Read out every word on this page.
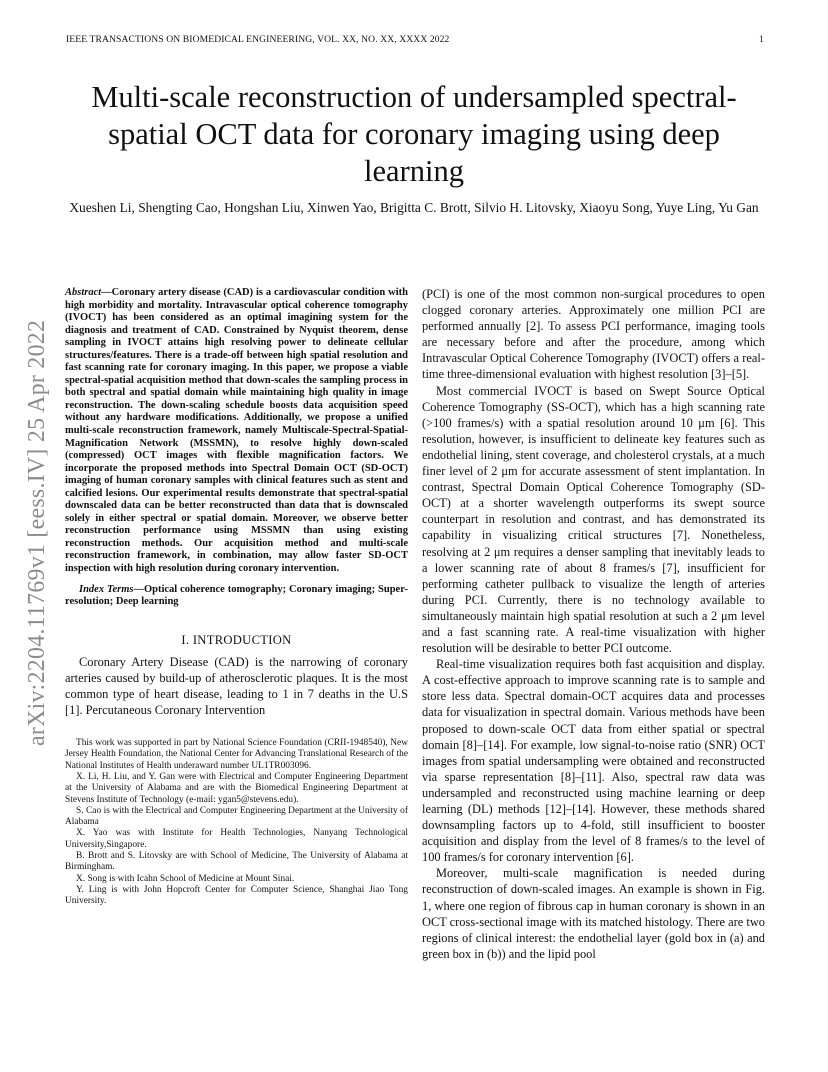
IEEE TRANSACTIONS ON BIOMEDICAL ENGINEERING, VOL. XX, NO. XX, XXXX 2022	1
Multi-scale reconstruction of undersampled spectral-spatial OCT data for coronary imaging using deep learning
Xueshen Li, Shengting Cao, Hongshan Liu, Xinwen Yao, Brigitta C. Brott, Silvio H. Litovsky, Xiaoyu Song, Yuye Ling, Yu Gan
arXiv:2204.11769v1 [eess.IV] 25 Apr 2022

Abstract—Coronary artery disease (CAD) is a cardiovascular condition with high morbidity and mortality. Intravascular optical coherence tomography (IVOCT) has been considered as an optimal imagining system for the diagnosis and treatment of CAD. Constrained by Nyquist theorem, dense sampling in IVOCT attains high resolving power to delineate cellular structures/features. There is a trade-off between high spatial resolution and fast scanning rate for coronary imaging. In this paper, we propose a viable spectral-spatial acquisition method that down-scales the sampling process in both spectral and spatial domain while maintaining high quality in image reconstruction. The down-scaling schedule boosts data acquisition speed without any hardware modifications. Additionally, we propose a unified multi-scale reconstruction framework, namely Multiscale-Spectral-Spatial-Magnification Network (MSSMN), to resolve highly down-scaled (compressed) OCT images with flexible magnification factors. We incorporate the proposed methods into Spectral Domain OCT (SD-OCT) imaging of human coronary samples with clinical features such as stent and calcified lesions. Our experimental results demonstrate that spectral-spatial downscaled data can be better reconstructed than data that is downscaled solely in either spectral or spatial domain. Moreover, we observe better reconstruction performance using MSSMN than using existing reconstruction methods. Our acquisition method and multi-scale reconstruction framework, in combination, may allow faster SD-OCT inspection with high resolution during coronary intervention.

Index Terms—Optical coherence tomography; Coronary imaging; Super-resolution; Deep learning

I. INTRODUCTION

Coronary Artery Disease (CAD) is the narrowing of coronary arteries caused by build-up of atherosclerotic plaques. It is the most common type of heart disease, leading to 1 in 7 deaths in the U.S [1]. Percutaneous Coronary Intervention

This work was supported in part by National Science Foundation (CRII-1948540), New Jersey Health Foundation, the National Center for Advancing Translational Research of the National Institutes of Health underaward number UL1TR003096.

X. Li, H. Liu, and Y. Gan were with Electrical and Computer Engineering Department at the University of Alabama and are with the Biomedical Engineering Department at Stevens Institute of Technology (e-mail: ygan5@stevens.edu).

S. Cao is with the Electrical and Computer Engineering Department at the University of Alabama

X. Yao was with Institute for Health Technologies, Nanyang Technological University,Singapore.

B. Brott and S. Litovsky are with School of Medicine, The University of Alabama at Birmingham.

X. Song is with Icahn School of Medicine at Mount Sinai.

Y. Ling is with John Hopcroft Center for Computer Science, Shanghai Jiao Tong University.

(PCI) is one of the most common non-surgical procedures to open clogged coronary arteries. Approximately one million PCI are performed annually [2]. To assess PCI performance, imaging tools are necessary before and after the procedure, among which Intravascular Optical Coherence Tomography (IVOCT) offers a real-time three-dimensional evaluation with highest resolution [3]–[5].

Most commercial IVOCT is based on Swept Source Optical Coherence Tomography (SS-OCT), which has a high scanning rate (>100 frames/s) with a spatial resolution around 10 μm [6]. This resolution, however, is insufficient to delineate key features such as endothelial lining, stent coverage, and cholesterol crystals, at a much finer level of 2 μm for accurate assessment of stent implantation. In contrast, Spectral Domain Optical Coherence Tomography (SD-OCT) at a shorter wavelength outperforms its swept source counterpart in resolution and contrast, and has demonstrated its capability in visualizing critical structures [7]. Nonetheless, resolving at 2 μm requires a denser sampling that inevitably leads to a lower scanning rate of about 8 frames/s [7], insufficient for performing catheter pullback to visualize the length of arteries during PCI. Currently, there is no technology available to simultaneously maintain high spatial resolution at such a 2 μm level and a fast scanning rate. A real-time visualization with higher resolution will be desirable to better PCI outcome.

Real-time visualization requires both fast acquisition and display. A cost-effective approach to improve scanning rate is to sample and store less data. Spectral domain-OCT acquires data and processes data for visualization in spectral domain. Various methods have been proposed to down-scale OCT data from either spatial or spectral domain [8]–[14]. For example, low signal-to-noise ratio (SNR) OCT images from spatial undersampling were obtained and reconstructed via sparse representation [8]–[11]. Also, spectral raw data was undersampled and reconstructed using machine learning or deep learning (DL) methods [12]–[14]. However, these methods shared downsampling factors up to 4-fold, still insufficient to booster acquisition and display from the level of 8 frames/s to the level of 100 frames/s for coronary intervention [6].

Moreover, multi-scale magnification is needed during reconstruction of down-scaled images. An example is shown in Fig. 1, where one region of fibrous cap in human coronary is shown in an OCT cross-sectional image with its matched histology. There are two regions of clinical interest: the endothelial layer (gold box in (a) and green box in (b)) and the lipid pool
